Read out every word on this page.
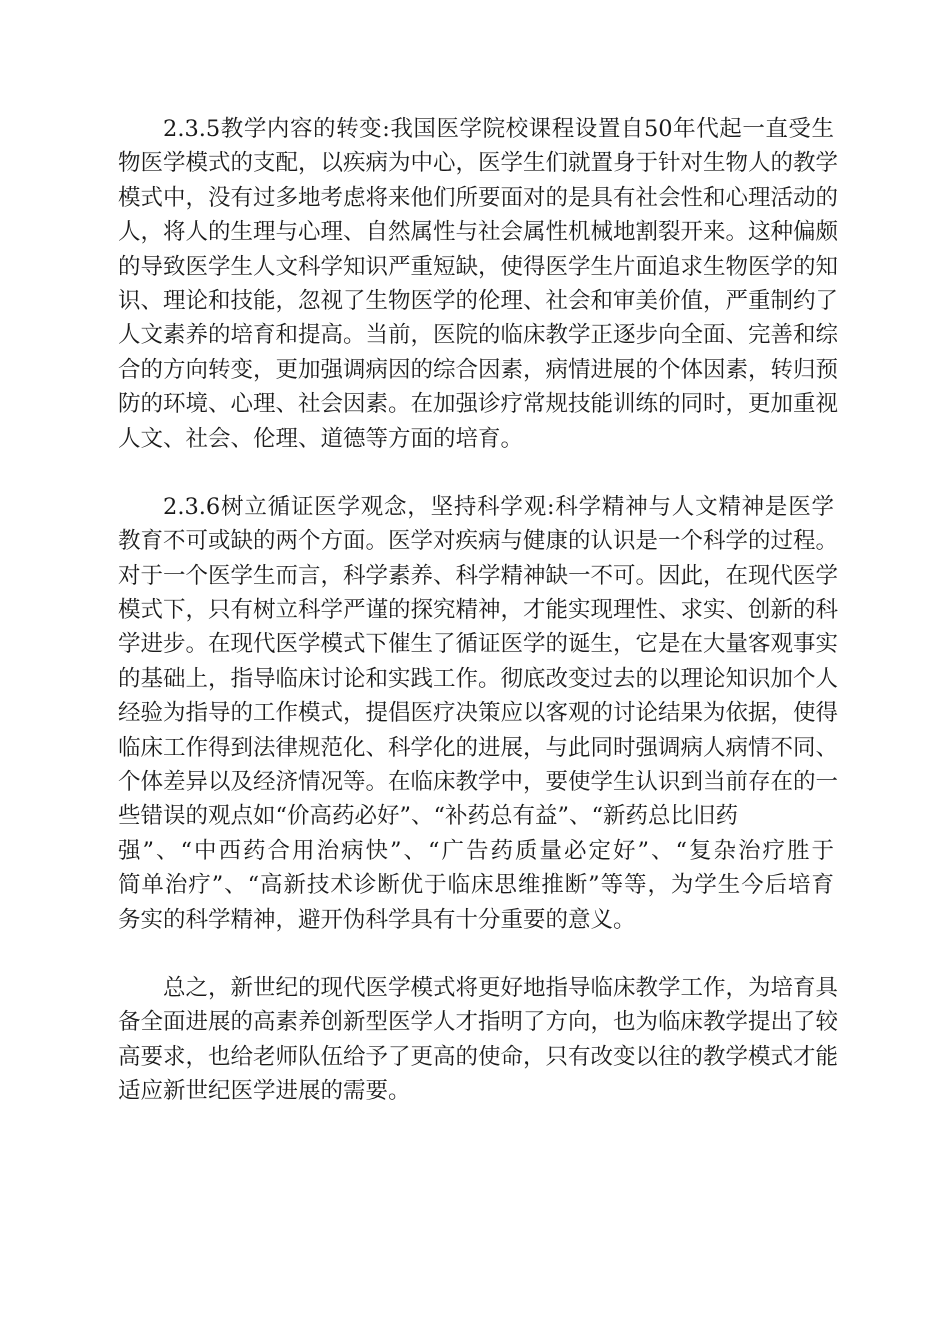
2.3.5教学内容的转变:我国医学院校课程设置自50年代起一直受生
物医学模式的支配，以疾病为中心，医学生们就置身于针对生物人的教学
模式中，没有过多地考虑将来他们所要面对的是具有社会性和心理活动的
人，将人的生理与心理、自然属性与社会属性机械地割裂开来。这种偏颇
的导致医学生人文科学知识严重短缺，使得医学生片面追求生物医学的知
识、理论和技能，忽视了生物医学的伦理、社会和审美价值，严重制约了
人文素养的培育和提高。当前，医院的临床教学正逐步向全面、完善和综
合的方向转变，更加强调病因的综合因素，病情进展的个体因素，转归预
防的环境、心理、社会因素。在加强诊疗常规技能训练的同时，更加重视
人文、社会、伦理、道德等方面的培育。
2.3.6树立循证医学观念，坚持科学观:科学精神与人文精神是医学
教育不可或缺的两个方面。医学对疾病与健康的认识是一个科学的过程。
对于一个医学生而言，科学素养、科学精神缺一不可。因此，在现代医学
模式下，只有树立科学严谨的探究精神，才能实现理性、求实、创新的科
学进步。在现代医学模式下催生了循证医学的诞生，它是在大量客观事实
的基础上，指导临床讨论和实践工作。彻底改变过去的以理论知识加个人
经验为指导的工作模式，提倡医疗决策应以客观的讨论结果为依据，使得
临床工作得到法律规范化、科学化的进展，与此同时强调病人病情不同、
个体差异以及经济情况等。在临床教学中，要使学生认识到当前存在的一
些错误的观点如“价高药必好”、“补药总有益”、“新药总比旧药
强”、“中西药合用治病快”、“广告药质量必定好”、“复杂治疗胜于
简单治疗”、“高新技术诊断优于临床思维推断”等等，为学生今后培育
务实的科学精神，避开伪科学具有十分重要的意义。
总之，新世纪的现代医学模式将更好地指导临床教学工作，为培育具
备全面进展的高素养创新型医学人才指明了方向，也为临床教学提出了较
高要求，也给老师队伍给予了更高的使命，只有改变以往的教学模式才能
适应新世纪医学进展的需要。
